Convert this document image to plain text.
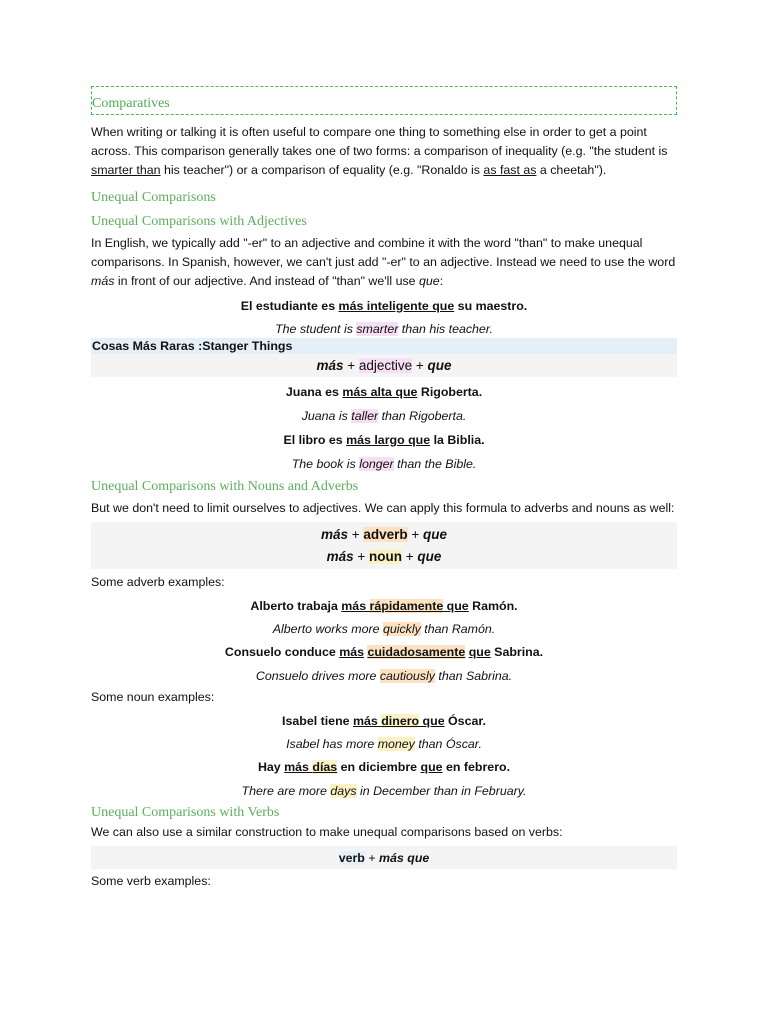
Comparatives

When writing or talking it is often useful to compare one thing to something else in order to get a point across. This comparison generally takes one of two forms: a comparison of inequality (e.g. "the student is smarter than his teacher") or a comparison of equality (e.g. "Ronaldo is as fast as a cheetah").

Unequal Comparisons
Unequal Comparisons with Adjectives

In English, we typically add "-er" to an adjective and combine it with the word "than" to make unequal comparisons. In Spanish, however, we can't just add "-er" to an adjective. Instead we need to use the word más in front of our adjective. And instead of "than" we'll use que:

El estudiante es más inteligente que su maestro.
The student is smarter than his teacher.
Cosas Más Raras :Stanger Things
más + adjective + que
Juana es más alta que Rigoberta.
Juana is taller than Rigoberta.
El libro es más largo que la Biblia.
The book is longer than the Bible.
Unequal Comparisons with Nouns and Adverbs

But we don't need to limit ourselves to adjectives. We can apply this formula to adverbs and nouns as well:

más + adverb + que
más + noun + que
Some adverb examples:
Alberto trabaja más rápidamente que Ramón.
Alberto works more quickly than Ramón.
Consuelo conduce más cuidadosamente que Sabrina.
Consuelo drives more cautiously than Sabrina.
Some noun examples:
Isabel tiene más dinero que Óscar.
Isabel has more money than Óscar.
Hay más días en diciembre que en febrero.
There are more days in December than in February.
Unequal Comparisons with Verbs
We can also use a similar construction to make unequal comparisons based on verbs:
verb + más que
Some verb examples:
